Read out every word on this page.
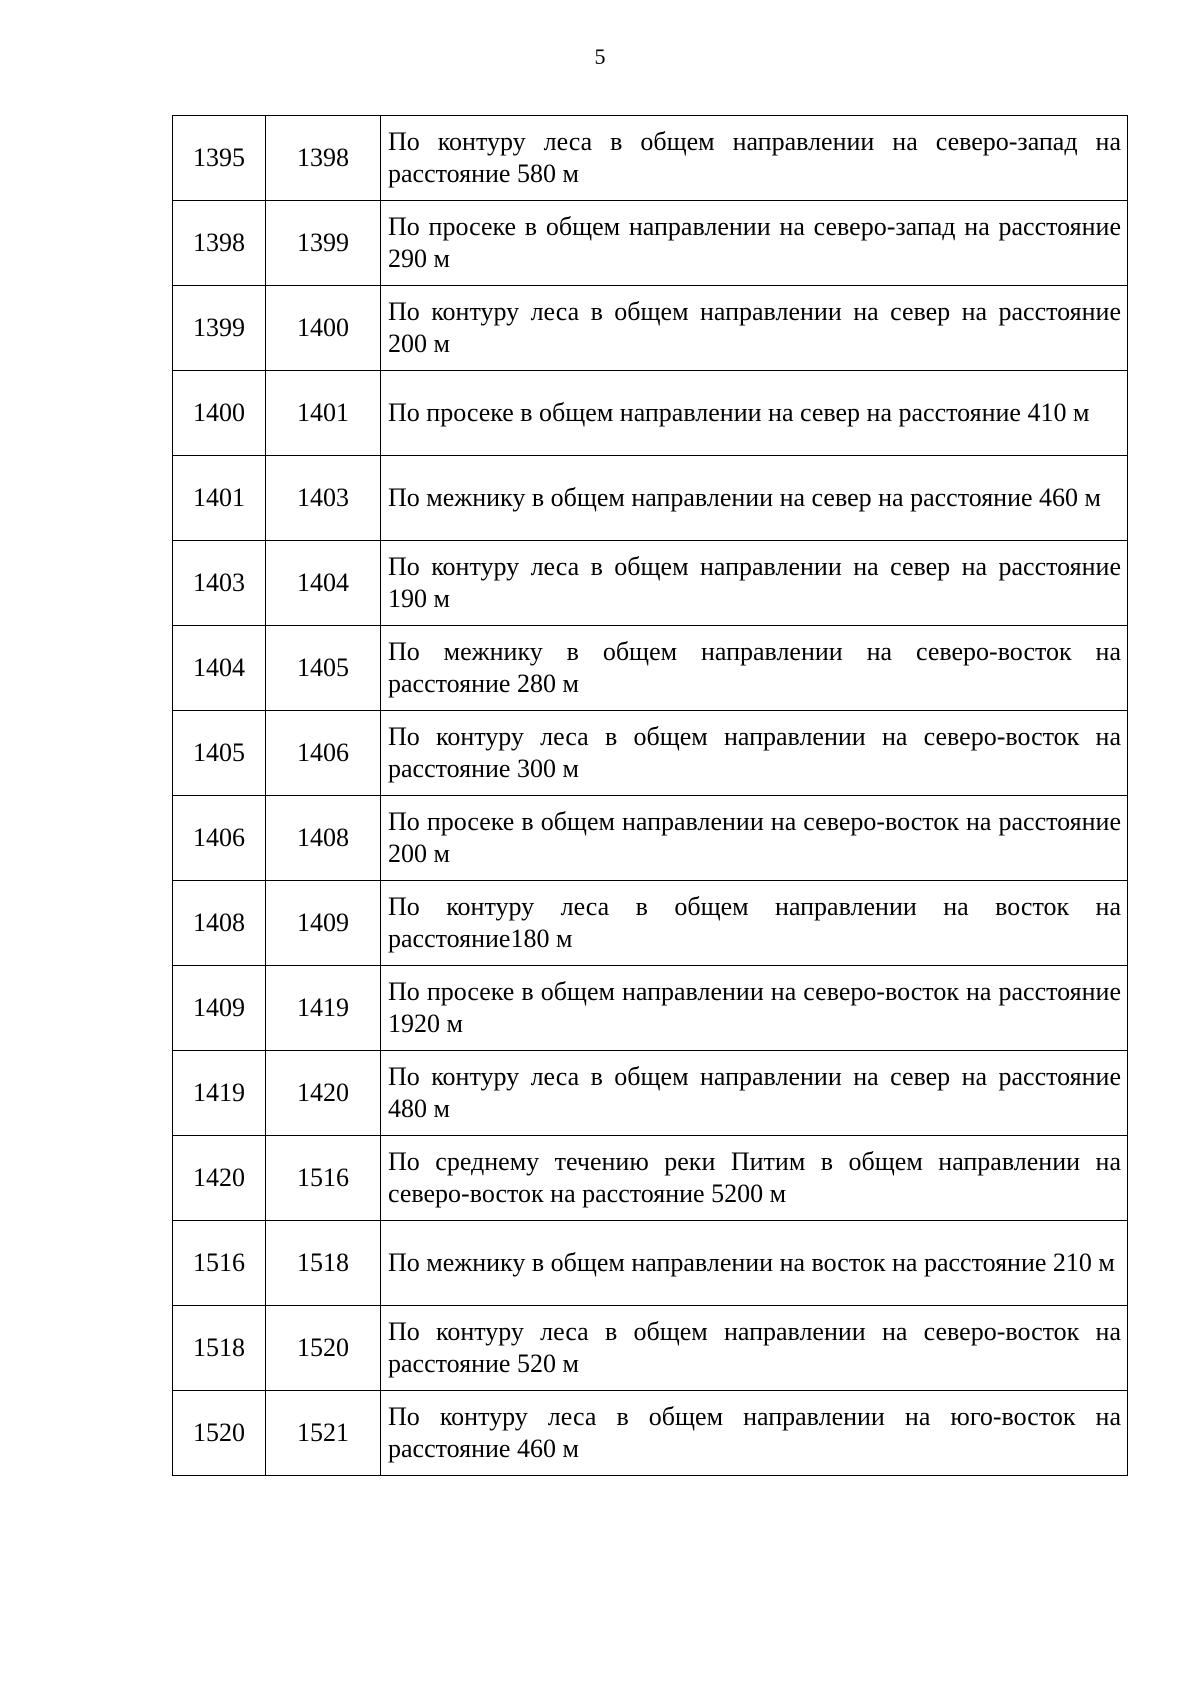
5
1395	1398	По контуру леса в общем направлении на северо-запад на расстояние 580 м
1398	1399	По просеке в общем направлении на северо-запад на расстояние 290 м
1399	1400	По контуру леса в общем направлении на север на расстояние 200 м
1400	1401	По просеке в общем направлении на север на расстояние 410 м
1401	1403	По межнику в общем направлении на север на расстояние 460 м
1403	1404	По контуру леса в общем направлении на север на расстояние 190 м
1404	1405	По межнику в общем направлении на северо-восток на расстояние 280 м
1405	1406	По контуру леса в общем направлении на северо-восток на расстояние 300 м
1406	1408	По просеке в общем направлении на северо-восток на расстояние 200 м
1408	1409	По контуру леса в общем направлении на восток на расстояние180 м
1409	1419	По просеке в общем направлении на северо-восток на расстояние 1920 м
1419	1420	По контуру леса в общем направлении на север на расстояние 480 м
1420	1516	По среднему течению реки Питим в общем направлении на северо-восток на расстояние 5200 м
1516	1518	По межнику в общем направлении на восток на расстояние 210 м
1518	1520	По контуру леса в общем направлении на северо-восток на расстояние 520 м
1520	1521	По контуру леса в общем направлении на юго-восток на расстояние 460 м
